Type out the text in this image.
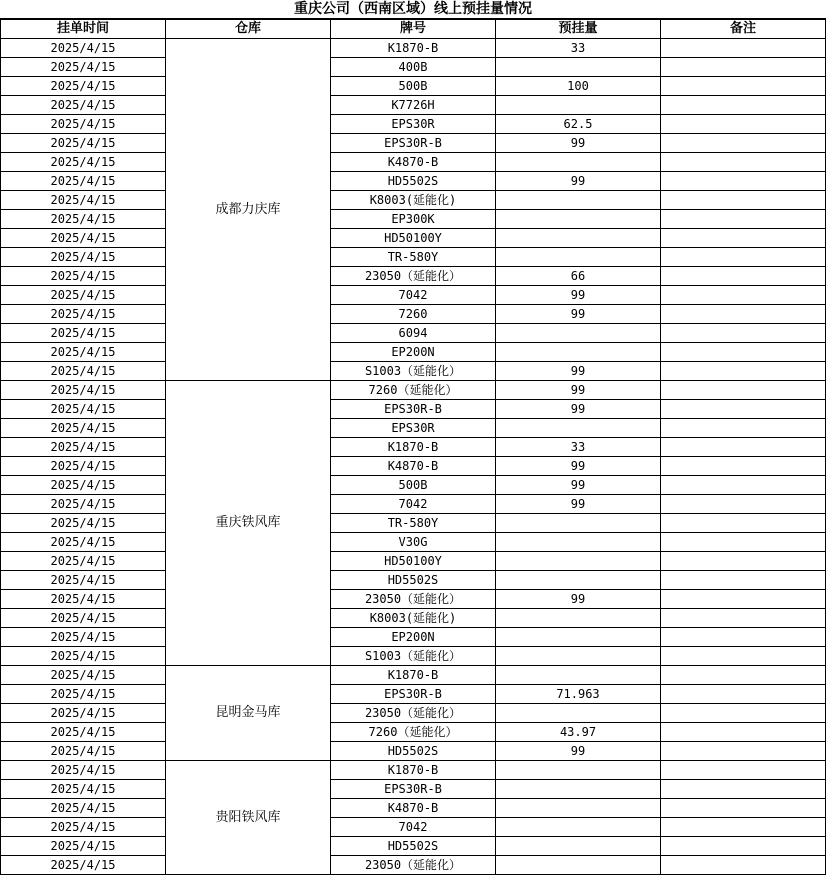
重庆公司（西南区域）线上预挂量情况
挂单时间	仓库	牌号	预挂量	备注
2025/4/15	成都力庆库	K1870-B	33	
2025/4/15		400B		
2025/4/15		500B	100	
2025/4/15		K7726H		
2025/4/15		EPS30R	62.5	
2025/4/15		EPS30R-B	99	
2025/4/15		K4870-B		
2025/4/15		HD5502S	99	
2025/4/15		K8003(延能化)		
2025/4/15		EP300K		
2025/4/15		HD50100Y		
2025/4/15		TR-580Y		
2025/4/15		23050（延能化）	66	
2025/4/15		7042	99	
2025/4/15		7260	99	
2025/4/15		6094		
2025/4/15		EP200N		
2025/4/15		S1003（延能化）	99	
2025/4/15	重庆铁风库	7260（延能化）	99	
2025/4/15		EPS30R-B	99	
2025/4/15		EPS30R		
2025/4/15		K1870-B	33	
2025/4/15		K4870-B	99	
2025/4/15		500B	99	
2025/4/15		7042	99	
2025/4/15		TR-580Y		
2025/4/15		V30G		
2025/4/15		HD50100Y		
2025/4/15		HD5502S		
2025/4/15		23050（延能化）	99	
2025/4/15		K8003(延能化)		
2025/4/15		EP200N		
2025/4/15		S1003（延能化）		
2025/4/15	昆明金马库	K1870-B		
2025/4/15		EPS30R-B	71.963	
2025/4/15		23050（延能化）		
2025/4/15		7260（延能化）	43.97	
2025/4/15		HD5502S	99	
2025/4/15	贵阳铁风库	K1870-B		
2025/4/15		EPS30R-B		
2025/4/15		K4870-B		
2025/4/15		7042		
2025/4/15		HD5502S		
2025/4/15		23050（延能化）		
